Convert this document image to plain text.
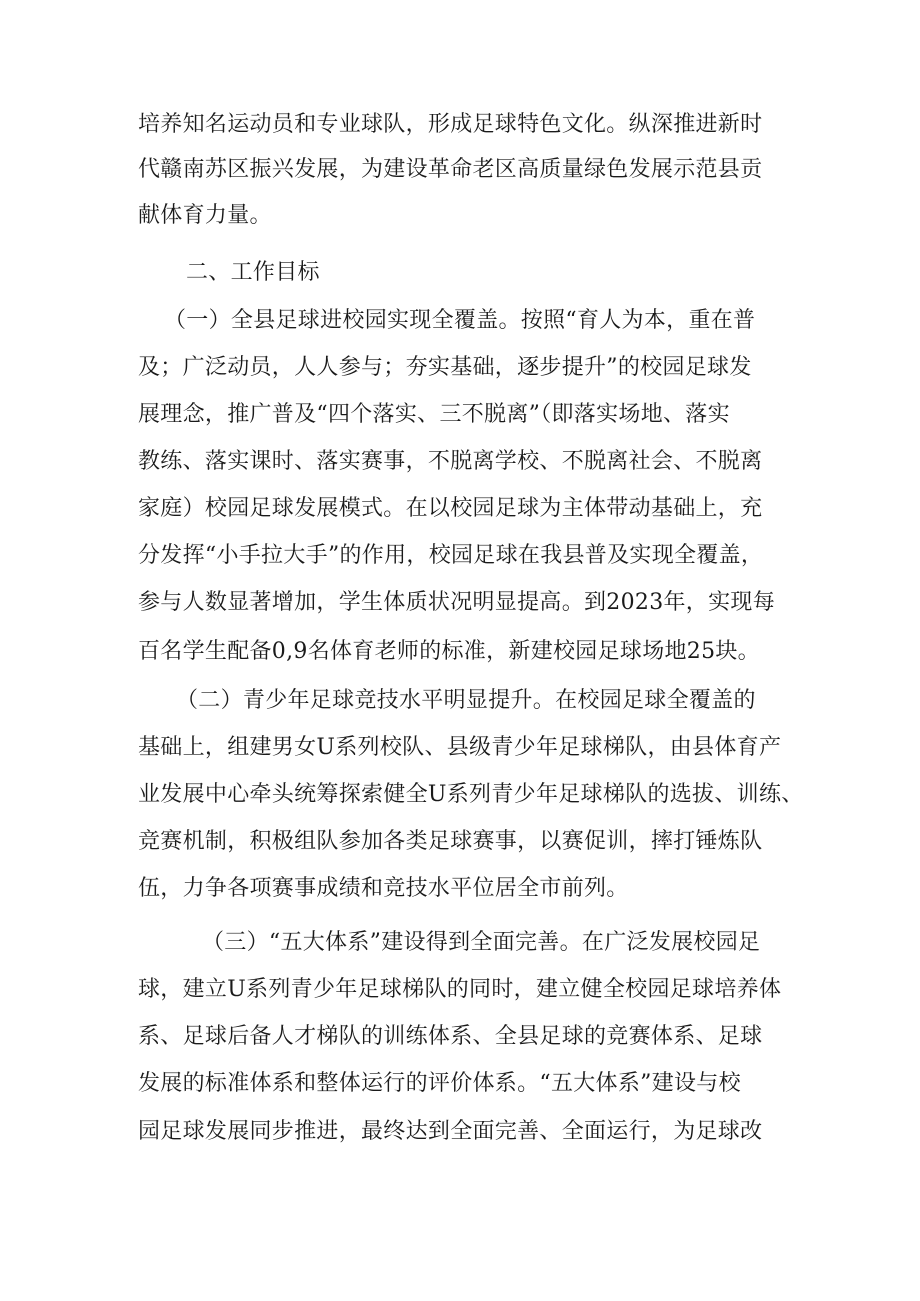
培养知名运动员和专业球队，形成足球特色文化。纵深推进新时
代赣南苏区振兴发展，为建设革命老区高质量绿色发展示范县贡
献体育力量。
二、工作目标
（一）全县足球进校园实现全覆盖。按照“育人为本，重在普
及；广泛动员，人人参与；夯实基础，逐步提升”的校园足球发
展理念，推广普及“四个落实、三不脱离”（即落实场地、落实
教练、落实课时、落实赛事，不脱离学校、不脱离社会、不脱离
家庭）校园足球发展模式。在以校园足球为主体带动基础上，充
分发挥“小手拉大手”的作用，校园足球在我县普及实现全覆盖，
参与人数显著增加，学生体质状况明显提高。到2023年，实现每
百名学生配备0,9名体育老师的标准，新建校园足球场地25块。
（二）青少年足球竞技水平明显提升。在校园足球全覆盖的
基础上，组建男女U系列校队、县级青少年足球梯队，由县体育产
业发展中心牵头统筹探索健全U系列青少年足球梯队的选拔、训练、
竞赛机制，积极组队参加各类足球赛事，以赛促训，摔打锤炼队
伍，力争各项赛事成绩和竞技水平位居全市前列。
（三）“五大体系”建设得到全面完善。在广泛发展校园足
球，建立U系列青少年足球梯队的同时，建立健全校园足球培养体
系、足球后备人才梯队的训练体系、全县足球的竞赛体系、足球
发展的标准体系和整体运行的评价体系。“五大体系”建设与校
园足球发展同步推进，最终达到全面完善、全面运行，为足球改
